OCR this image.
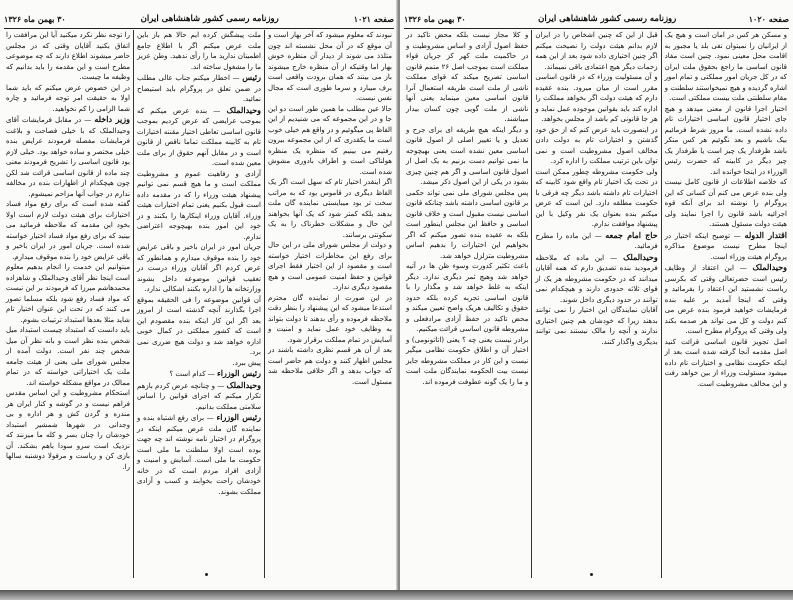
صفحه ۱۰۲۱
روزنامه رسمی کشور شاهنشاهی ایران
۳۰ بهمن ماه ۱۳۲۶

نبودند که معلوم میشود که آخر بهار است و آن موقع که در آن محل نشسته اند چون متلذذ می شوند از دیدار آن منظره خوش بهار اما وقتیکه از آن منظره خارج میشوند باز می بینند که همان برودت واقعی است برف میبارد و سرما طوری است که مجال نفس نیست.

حالا عین مطلب ما همین طور است دو این جا و در این مجموعه که می شنیدیم از این الفاظ پی میگوئیم و در واقع هم خیلی خوب است ما یکقدری که از این مجموعه بیرون رفتیم می بینیم که منظره یک منظره هولناکی است و اطراف بادوری مشوش شده است.

اگر اینقدر اختیار تام که سهل است اگر یک الفاظ دیگری در قاموس بود که به مراتب سخت تر بود میبایستی نماینده گان ملت بدهند بلکه کمتر شود که یک آنها بخواهند این حال و مشکلات خطرناک را به یک سکونتی برسانند.

و دولت از مجلس شورای ملی در این حال برای رفع این مخاطرات اختیار خواسته است و مقصود از این اختیار فقط اجرای قوانین و حفظ امنیت عمومی است و هیچ مقصود دیگری ندارد.

در این صورت از نماینده گان محترم استدعا میشود که این پیشنهاد را بنظر دقت ملاحظه فرموده و رأی بدهند تا دولت بتواند به وظایف خود عمل نماید و امنیت و آسایش در تمام مملکت برقرار شود.

بعد از آن هر قسم نظری داشته باشند در مجلس اظهار کنند و دولت هم حاضر است که جواب بدهد و اگر خلافی ملاحظه شد مسئول است.

ملت پیشگش کرده ایم حالا هم باز باین ملت عرض میکنم اگر با اطلاع جامع اطمینان ندارید ما را رأی ندهید. وطن عزیز ما را مشغول ساخته اند.

رئیس — اخطار میکنم جناب عالی مطلب در ضمن تعلق در پروگرام باید استیضاح نمائید.

وحیدالملک — بنده عرض میکنم که بموجب عرایضی که عرض کردیم بموجب قانون اساسی تعاطی اختیار مقننه اختیارات تام به کابینه مملکت تماما ناقص از قانون است و در مقابل آنهم حقوق از برای ملت معین شده است.

آزادی و رفاهیت عموم و مشروطیت مملکت است و ما هیچ قسم نمی توانیم پیشنهاد هیئت وزراء را که در مقدمه داده است قبول بکنیم یعنی تمام اختیارات هیئت وزراء. آقایان وزراء اینکارها را بکنند و در خود این امور بنده بهیچوجه اعتراضی ندارم.

جریان امور در ایران باخیر و باقی عرایض خود را بنده موقوف میدارم و همانطور که عرض کردم اگر آقایان وزراء درست در تعقیب قوانین موضوعه داخل بشوند وزارتخانه ها را اداره بکنند اشکالی ندارد.

آن قوانین موضوعه را فی الحقیقه بموقع اجرا بگذارند آنچه گذشته است از امروز بعد اگر این کار اینکه بنده مقصودم این است که کشور مملکتی در کمال خوبی اداره خواهد شد و دولت هیچ ضرری نمی برد.

پیش ببرد.

رئیس الوزراء — کدام است ؟

وحیدالملک — و چنانچه عرض کردم بازهم تکرار میکنم که اجرای قوانین را اساس سلامتی مملکت بدانیم.

رئیس الوزراء — برای رفع اشتباه بنده و نماینده گان ملت عرض میکنم اینکه در پروگرام در اختیار نامه نوشته اند چه جهت بوده است اولا سلطنت ما ملی است حکومت ما ملی است. آسایش و امنیت و آزادی افراد مردم است که در خانه خودشان راحت بخوابند و کسب و آزادی مملکت بشوند.

را توجه نظر نکرد میکنید آیا این مرافقت را اتفاق بکنید آقایان وقتی که در مجلس حاضر میشوند اطلاع دارند که چه موضوعی مطرح است و این مقدمه را باید بدانیم که وظیفه ما چیست.

در این خصوص عرض میکنم که باید شما اولا به حقیقت امر توجه فرمائید و چاره شما الزامی را کم نخواهید.

وزیر داخله — در مقابل فرمایشات آقای وحیدالملک که با خیلی فصاحت و بلاغت فرمایشات مفصله فرمودند عرایض بنده خیلی مختصر و ساده خواهد بود. خیلی لازم بود قانون اساسی را تشریح فرمودند معنی چند ماده از قانون اساسی قرائت شد لکن چون هیچکدام از اظهارات بنده در مخالفه ندارم در جواب آنها مزاحم نمیشوم.

گفته شده است که برای رفع مواد فساد اختیارات برای هیئت دولت لازم است اولا بخود این مقدمه که ملاحظه فرمائید می بینید که برای رفع مواد فساد اختیار خواسته شده است. جریان امور در ایران باخیر و باقی عرایض خود را بنده موقوف میدارم.

میتوانیم این خدمت را انجام بدهیم معلوم است اینجا نظر آقای وحیدالملک و شاهزاده محمدهاشم میرزا که فرمودند بر این نیست که مواد فساد رفع شود بلکه مسلما تصور می کنند که در تحت این عنوان اختیار تام شاید مثلا بعدها استبداد ترتیبات بشوم.

باید دانست که استبداد چیست استبداد میل شخص بنده نظر است و بانه نظر آن میل شخص چند نفر است. دولت آمده از مجلس شورای ملی یعنی از هیئت جامعه ملت یک اختیاراتی خواسته که در تمام ممالک در مواقع مشکله خواسته اند.

استحکام مشروطیت و این اساس مقدس فراهم نیست و در گوشه و کنار ایران هر مندره و گردن کش و هر اداره و بی وجدانی در شهرها شمشیر استبداد خودشان را چنان بسر و کله ما میزنند که نزدیک است سرو سودا باهم بشکند. آن بازی کن و ریاست و مرفولا دوشنبه سالها را.

صفحه ۱۰۲۰
روزنامه رسمی کشور شاهنشاهی ایران
۳۰ بهمن ماه ۱۳۲۶

و مسکن هر کس در امان است و هیچ یک از ایرانیان را نمیتوان نفی بلد یا مجبور به اقامت محل معینی نمود. چنین است مفاد قانون اساسی ما راجع بحقوق ملت ایران که در کل جریان امور مملکتی و تمام امور اشاره گردیده و هیچ نمیخواستند سلطنت و مقام سلطنتی ملت بیست مملکتی است.

اختیار اجرا قانون از معنی میدهد و هیچ جای اختیار قانون اساسی اختیارات تام داده نشده است. ما مروز شرط فرمائیم بیک باشیم و بعد نگوئیم هر کس منکر باشد ظرفدار یک چیز است یا طرفدار یک چیز دیگر در کابینه که حضرت رئیس الوزراء در اینجا خوانده اند.

که خلاصه اطلاعات از قانون کامل نیست ولی بنده عرض می کنم آن کسانی که این پروگرام را نوشته اند برای آنکه قوه اجرائیه باشد قانون را اجرا نمایند ولی هیئت دولت مسئول هستند.

اقتدار الدوله — توضیح اینکه اختیار در اینجا مطرح نیست موضوع مذاکره پروگرام هیئت وزراء است.

وحیدالملک — این اعتقاد از وظایف رئیس است حضرتعالی وقتی که بکرسی ریاست نشستید این اعتقاد را بفرمائید و وقتی که اینجا آمدید بر علیه بنده فرمایشات خواهید فرمود بنده عرض می کنم دولت و کل می تواند هر صدمه بکند ولی وقتی که پروگرام مطرح است.

اصل تجویز قانون اساسی قرائت کنید اصل مقدمه آنجا گرفته شده است بعد از اینکه حکومت نظامی و اختیارات تام داده میشود مسئولیت وزراء از بین خواهد رفت و این مخالف مشروطیت است.

قبل از این که چنین اشخاص را در ایران لازم بدانم هیئت دولت را نصیحت میکنم اگر چنین اختیاری داده شود بعد از این همه زحمات دیگر هیچ اعتمادی باقی نمیماند.

و آن مسئولیت وزراء که در قانون اساسی مقرر است از میان میرود. بنده عقیده دارم که هیئت دولت اگر بخواهد مملکت را اداره کند باید بقوانین موجوده عمل نماید و هر جا قانونی کم باشد از مجلس بخواهد.

در اینصورت باید عرض کنم که از حق خود گذشتن و اختیارات تام به دولت دادن مخالف اصول مشروطیت است و نمی توان باین ترتیب مملکت را اداره کرد.

ولی حکومت مشروطه چطور ممکن است در تحت یک اختیار تام واقع شود کابینه که اختیارات تام داشته باشد دیگر چه فرقی با حکومت مطلقه دارد. این است که عرض میکنم بنده بعنوان یک نفر وکیل با این پیشنهاد موافقت ندارم.

حاج امام جمعه — این ماده را مطرح فرمائید.

وحیدالملک — این ماده که ملاحظه فرمودید بنده تصدیق دارم که همه آقایان میدانند که در حکومت مشروطه هر یک از قوای ثلاثه حدودی دارند و هیچکدام نمی توانند در حدود دیگری داخل شوند.

آقایان نمایندگان این اختیار را نمی توانند بدهند زیرا که خودشان هم چنین اختیاری ندارند و آنچه را مالک نیستند نمی توانند بدیگری واگذار کنند.

و کلا مجاز نیست بلکه محض تاکید در حفظ اصول آزادی و اساس مشروطیت و در حاکمیت ملت کهر کز جریان قواء مملکت است بموجب اصل ۲۶ متمم قانون اساسی تصریح میکند که قوای مملکت ناشی از ملت است طریقه استعمال آنرا قانون اساسی معین مینماید یعنی آنها ناشی از ملت گویی چون کسان بیدار میباشند.

و دیگر اینکه هیچ طریقه ای برای جرح و تعدیل و یا تغییر اصلی از اصول قانون اساسی معین نشده است یعنی بهیچوجه ما نمی توانیم دست بزنیم به یک اصل از اصول قانون اساسی و اگر هم چنین چیزی بشود در یکی از این اصول ذکر میشد.

پس مجلس شورای ملی نمی تواند حکمی بر قانون اساسی داشته باشد چنانکه قانون اساسی نیست مقبول است و خلاف قانون اساسی و حافظ این مجلس اینطور است بلکه به عقیده بنده تصور میکنم که اگر بخواهیم این اختیارات را بدهیم اساس مشروطیت متزلزل خواهد شد.

باعث تکثیر کدورت وسوء ظن ها در آتیه خواهد شد وهیچ ثمر دیگری ندارد. دیگر اینکه به غلط خواهد شد و مگذار را با قانون اساسی تجربه کرده بلکه حدود حقوق و تکالیف هریک واضح تعیین میکند و محض تاکید در حفظ آزادی مرادفعلی و مشروطه قانون اساسی قرائت میکنیم.

برادر نیست یعنی چه ؟ یعنی (اتاتونومی) و اختیار آن و اطلاق حکومت نظامی میگیر نیست و این کار در مملکت مشروطه جایز نیست بیت الحکومه نمایندگان ملت است و ما را یک گونه عطوفت فرموده اند.
